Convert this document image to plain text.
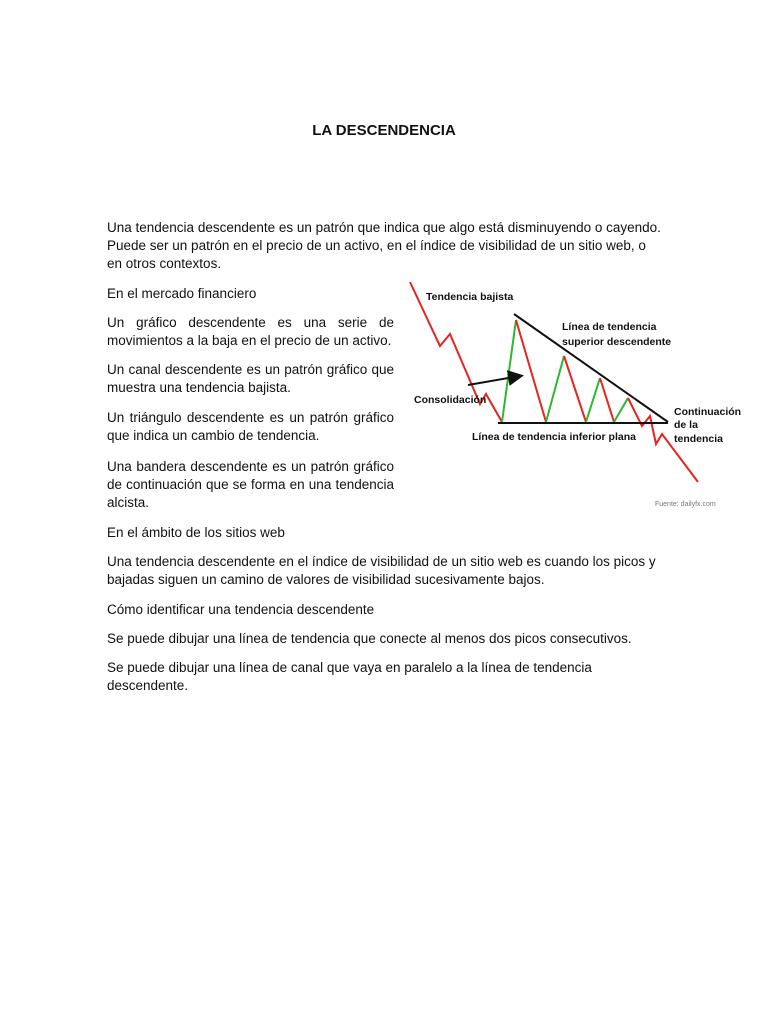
LA DESCENDENCIA

Una tendencia descendente es un patrón que indica que algo está disminuyendo o cayendo. Puede ser un patrón en el precio de un activo, en el índice de visibilidad de un sitio web, o en otros contextos.

En el mercado financiero

Un gráfico descendente es una serie de movimientos a la baja en el precio de un activo.

Un canal descendente es un patrón gráfico que muestra una tendencia bajista.

Un triángulo descendente es un patrón gráfico que indica un cambio de tendencia.

Una bandera descendente es un patrón gráfico de continuación que se forma en una tendencia alcista.

En el ámbito de los sitios web

Una tendencia descendente en el índice de visibilidad de un sitio web es cuando los picos y bajadas siguen un camino de valores de visibilidad sucesivamente bajos.

Cómo identificar una tendencia descendente

Se puede dibujar una línea de tendencia que conecte al menos dos picos consecutivos.

Se puede dibujar una línea de canal que vaya en paralelo a la línea de tendencia descendente.

Tendencia bajista
Línea de tendencia
superior descendente
Consolidación
Línea de tendencia inferior plana
Continuación
de la
tendencia
Fuente: dailyfx.com
